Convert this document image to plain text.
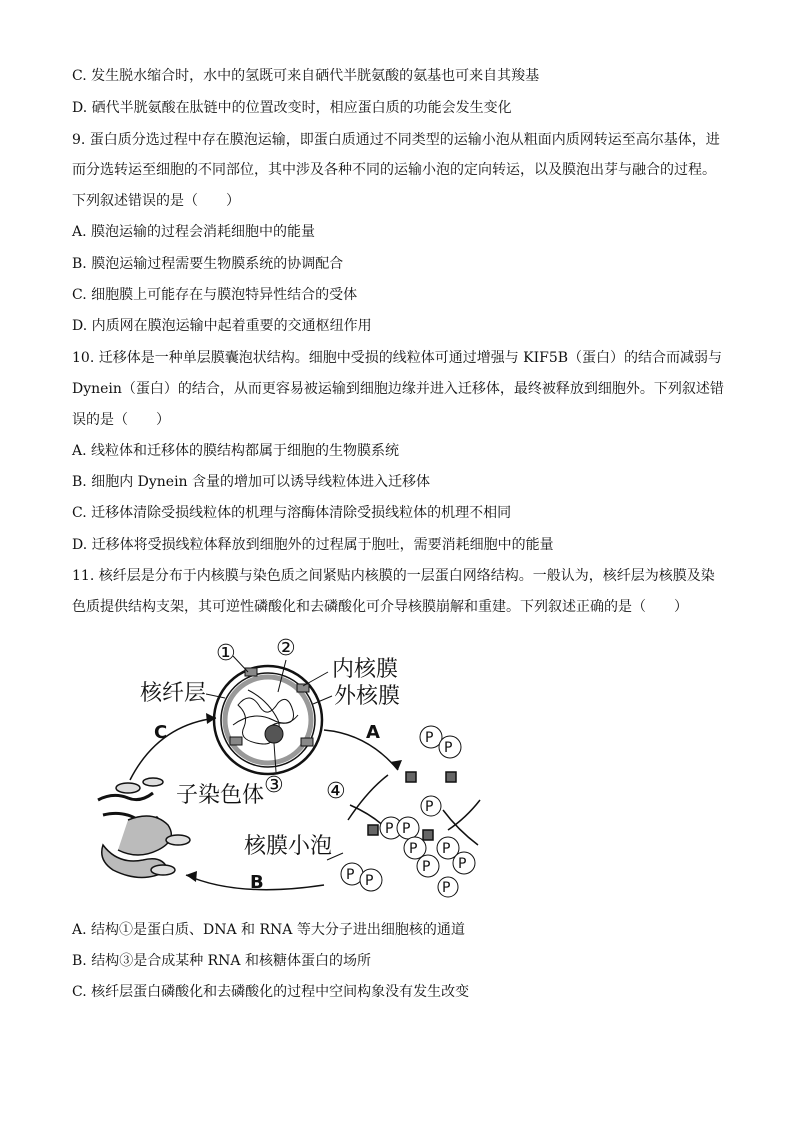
C. 发生脱水缩合时，水中的氢既可来自硒代半胱氨酸的氨基也可来自其羧基
D. 硒代半胱氨酸在肽链中的位置改变时，相应蛋白质的功能会发生变化
9. 蛋白质分选过程中存在膜泡运输，即蛋白质通过不同类型的运输小泡从粗面内质网转运至高尔基体，进
而分选转运至细胞的不同部位，其中涉及各种不同的运输小泡的定向转运，以及膜泡出芽与融合的过程。
下列叙述错误的是（　　）
A. 膜泡运输的过程会消耗细胞中的能量
B. 膜泡运输过程需要生物膜系统的协调配合
C. 细胞膜上可能存在与膜泡特异性结合的受体
D. 内质网在膜泡运输中起着重要的交通枢纽作用
10. 迁移体是一种单层膜囊泡状结构。细胞中受损的线粒体可通过增强与 KIF5B（蛋白）的结合而减弱与
Dynein（蛋白）的结合，从而更容易被运输到细胞边缘并进入迁移体，最终被释放到细胞外。下列叙述错
误的是（　　）
A. 线粒体和迁移体的膜结构都属于细胞的生物膜系统
B. 细胞内 Dynein 含量的增加可以诱导线粒体进入迁移体
C. 迁移体清除受损线粒体的机理与溶酶体清除受损线粒体的机理不相同
D. 迁移体将受损线粒体释放到细胞外的过程属于胞吐，需要消耗细胞中的能量
11. 核纤层是分布于内核膜与染色质之间紧贴内核膜的一层蛋白网络结构。一般认为，核纤层为核膜及染
色质提供结构支架，其可逆性磷酸化和去磷酸化可介导核膜崩解和重建。下列叙述正确的是（　　）
① ②
③ ④
内核膜
外核膜
核纤层
子染色体
核膜小泡
C	A
B
P
P
P
P P
P
P
P
P
P
P P
A. 结构①是蛋白质、DNA 和 RNA 等大分子进出细胞核的通道
B. 结构③是合成某种 RNA 和核糖体蛋白的场所
C. 核纤层蛋白磷酸化和去磷酸化的过程中空间构象没有发生改变
